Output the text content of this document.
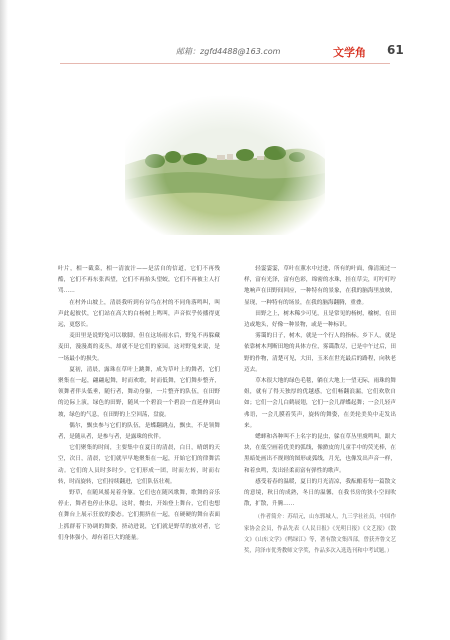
邮箱：zgfd4488@163.com	文学角 61

叶片，相一截菜，相一清波汁——是活自的信道，它们不再残酷，它们不再东张西望，它们不再抬头望蛟，它们不再被主人打骂……

在村外山坡上，清晨我听到有谷鸟在村的不同角落鸣叫，叫声此起彼伏，它们站在高大的白杨树上鸣叫，声音似乎传播得更远，更悠长。

麦田里是说野兔可以歇脚，但在这场雨水后，野兔不再躲藏麦田，漫漫离的麦丛，却就不是它们的家园。这对野兔来说，是一场最小的损失。

夏初，清晨，露珠在草叶上跳舞，成为草叶上的舞者，它们聚集在一起，翩翩起舞，时而欢歌，时而低舞，它们舞步整齐，领舞者伴头低垂，随行者，舞动身躯，一片整齐的队伍，在田野的边际上演，绿色的田野，随风一个碧浪一个碧浪一直延伸到山坡，绿色的气息，在田野的上空回荡，盘旋。

偶尔，飘虫参与它们的队伍，是蝶翻跳点，飘虫，不是领舞者，是随从者，是参与者，是露珠的伙伴。

它们聚集的时间，主要集中在夏日的清晨，白日，晴朗的天空，次日，清晨，它们就早早地聚集在一起，开始它们的律舞活动。它们的人员时多时少，它们形成一团，时而左转，时而右转，时而旋转，它们持续翻进，它们队伍壮观。

野草，在随风摇晃着身躯。它们也在随风歌舞，歌舞的音乐停止，舞者也停止休息，这时，餐虫，开始登上舞台，它们也想在舞台上展示狂放的姿态。它们拥挤在一起，在硬硬的舞台表面上抓群着下协调的舞姿，挤动进说，它们就是野草的放对者，它们身体强小，却有着巨大的能量。

轻霎霎霎，草叶在薰水中过进，所有的叶面，像清流过一样，富有光泽，富有色彩，绵密的水珠，挂在草尖，叮咛叮咛地响声在田野间回应，一种特有的景象，在我的脑海里放映，显现，一种特有的场景，在我的脑海翻腾，重叠。

田野之上，树木稀少可见，且是常见的杨树，榆树，在田边或地头，好像一种景物，或是一种标识。

雾霭的日子，树木，就是一个行人的指标。乡下人，就是依靠树木判断田地的具体方位，雾霭散尽，已是中午过后，田野的作物，清楚可见，大田，玉米在世光最后的路程，向秋老迈去。

草木很大地的绿色毛毯，躺在大地上一望无际，雨珠的舞姐，就有了得天独厚的优越感，它们畅翻浪漏，它们欢欣自如；它们一会儿白鹤展翅，它们一会儿群蝶起舞；一会儿轻声弗语，一会儿膜着笑声，旋转的舞姿，在美轮美奂中走发出来。

蟋蟀和各种叫不上名字的昆虫，躲在草丛里虞鸣叫，跟大块，在低空画着优美的弧线，像掀皮的儿童手中的荧光棒，在黑暗处画出不规则的图形或弧线，月光，也像发出声音一样，和着虫鸣，发出轻柔而富有弹性的歌声。

感受着春的温暖，夏日的月光清凉，我酝酿着每一篇散文的意境，秋日的成熟，冬日的温馨，在我书房的狭小空间吹散，扩散，升腾……

（作者简介：苏绍元，山东郓城人，九三学社社员，中国作家协会会员，作品先表《人民日报》《光明日报》《文艺报》《散文》《山东文学》《鸭绿江》等，著有散文集四部，曾获齐鲁文艺奖，菏泽市优秀教师文学奖，作品多次入选选刊和中考试题。）
